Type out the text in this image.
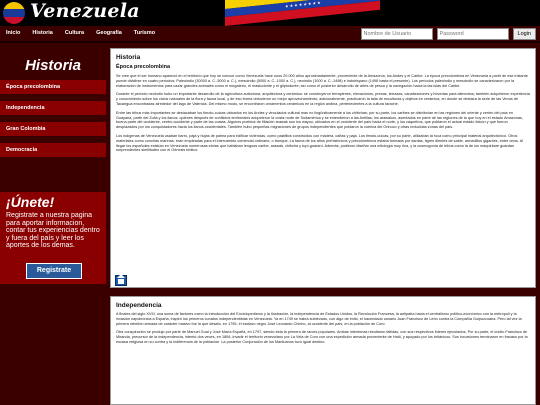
Venezuela	★★★★★★★★
Inicio	Historia	Cultura	Geografía	Turismo
Nombre de Usuario	Login
Historia
Época precolombina
Independencia
Gran Colombia
Democracia
¡Únete!
Registrate a nuestra pagina para aportar informacion, contar tus experiencias dentro y fuera del país y leer los aportes de los demas.
Registrate
Historia
Época precolombina

Se cree que el ser humano apareció en el territorio que hoy se conoce como Venezuela hace unos 20.000 años aproximadamente, proveniente de la Amazonía, los Andes y el Caribe. La época precolombina en Venezuela a partir de ese instante puede dividirse en cuatro períodos: Paleoindio (30000 a. C.-5000 a. C.), mesoindio (5000 a. C.-1000 a. C.), neoindio (1000 a. C.-1498) e indohispano (1498 hasta el presente). Los períodos paleoindio y mesoindio se caracterizaron por la elaboración de instrumentos para cazar grandes animales como el megaterio, el mastodonte y el gliptodonte; así como el posterior desarrollo de artes de pesca y la navegación hacia la las islas del Caribe.

Durante el período neoindio hubo un importante desarrollo de la agricultura autóctona, arquitectura y cerámica: se construyeron terraplenes, elevaciones, presas, terrazas, canalizaciones y bóvedas para alimentos; también adquirieron experiencia y conocimiento sobre los ciclos naturales de la flora y fauna local, y de eso forma obtuvieron un mejor aprovechamiento; adicionalmente, practicaron la talla de esculturas y objetos en cerámica, en donde se destaca la serie de las Venus de Tacarigua encontradas alrededor del lago de Valencia. Del mismo modo, se encontraron ornamentos cerámicos en la región andina, pertenecientes a la cultura tarache.

Entre las tribus más importantes se destacaban los timoto-cuicas ubicados en los Andes y vinculados cultural mas no lingüísticamente a los chibchas; por su parte, los caribes se distribuían en las regiones del oriente y centro del país en Guayana, parte del Zulia y los llanos, quienes después de conflictos territoriales adquirieron la costa norte de Sudamérica y se extendieron a las Antillas; los arawakos, asentados en parte de las regiones de la que hoy en el estado Amazonas, buena parte del occidente, centro occidente y parte de las costas. Algunos pueblos de filiación arawak son los wayuu, ubicados en el occidente del país hacia el norte, y los caquetíos, que poblaron el actual estado falcón y que fueron desplazados por los conquistadores hacia los llanos occidentales. También hubo pequeñas migraciones de grupos independientes que poblaron la cuenca del Orinoco y otras reducidas zonas del país.

Los indígenas de Venezuela usaban barro, paja y hojas de palma para edificar viviendas, como palafitos construidos con madera, cañas y paja. Los timoto-cuicas, por su parte, utilizaban la roca como principal material arquitectónico. Otros materiales como conchas marinas, eran empleadas para el intercambio comercial ordinario, o trueque. La fauna de los años prehistóricos y precolombinos estaba formada por dantas, tigres dientes de sable, armadillos gigantes, entre otros. Al llegar los españoles existían en Venezuela numerosas etnias que hablaban lenguas caribe, arawak, chibcha y tupí-guaraní. Además, pudieron diseñar una mitología muy rica, y la cosmogonía de tribus como la de los maquiritare guardan sorprendentes similitudes con el Génesis bíblico.

Independencia

A finales del siglo XVIII, una suma de factores como la introducción del Enciclopedismo y la Ilustración, la independencia de Estados Unidos, la Revolución Francesa, la antipatía hacia el centralismo político-económico con la metrópoli y la invasión napoleónica a España, inspiró los primeros conatos independentistas en Venezuela. Ya en 1749 se había sublevado, con algo de éxito, el hacendado canario Juan Francisco de León contra la Compañía Guipuzcoana. Pero tal vez la primera rebelión armada de carácter masivo fue la que desató, en 1795, el esclavo negro José Leonardo Chirino, al occidente del país, en la población de Coro.

Otra conspiración se produjo por parte de Manuel Gual y José María España, en 1797, siendo ésta la primera de raíces populares. Ambas intentonas resultaron fallidas, con sus respectivos líderes ejecutados. Por su parte, el criollo Francisco de Miranda, precursor de la independencia, intentó dos veces, en 1806, invadir el territorio venezolano por La Vela de Coro con una expedición armada proveniente de Haití, y apoyado por los británicos. Sus incursiones terminaron en fracaso por la escasa religiosa en su contra y la indiferencia de la población. La posterior Conjuración de los Mantuanos tuvo igual destino.
